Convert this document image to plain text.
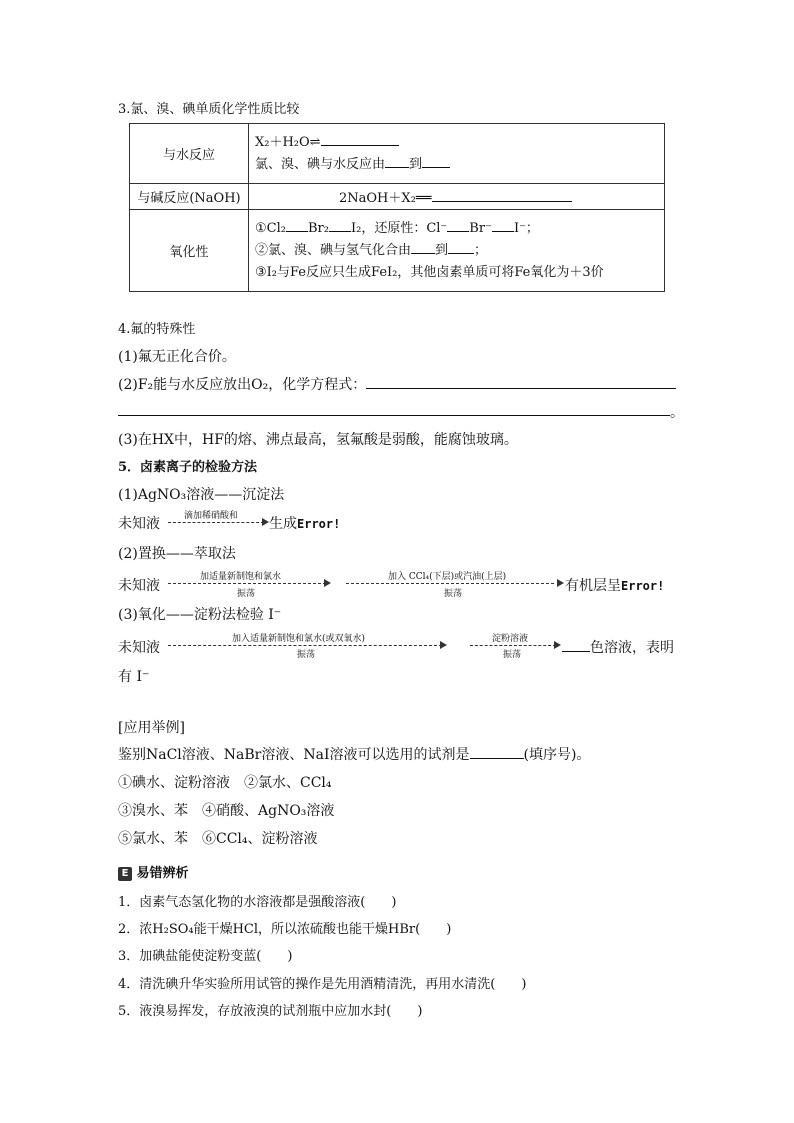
3.氯、溴、碘单质化学性质比较
与水反应	X₂＋H₂O⇌
氯、溴、碘与水反应由 到

与碱反应(NaOH)	2NaOH＋X₂══
氧化性	①Cl₂ Br₂ I₂，还原性：Cl⁻ Br⁻ I⁻；
②氯、溴、碘与氢气化合由 到 ；
③I₂与Fe反应只生成FeI₂，其他卤素单质可将Fe氧化为＋3价
4.氟的特殊性
(1)氟无正化合价。
(2)F₂能与水反应放出O₂，化学方程式：
。
(3)在HX中，HF的熔、沸点最高，氢氟酸是弱酸，能腐蚀玻璃。
5．卤素离子的检验方法
(1)AgNO₃溶液——沉淀法
未知液	滴加稀硝酸和 生成Error!
(2)置换——萃取法
未知液
加适量新制饱和氯水
振荡
加入 CCl₄(下层)或汽油(上层)
振荡	有机层呈Error!
(3)氧化——淀粉法检验 I⁻
未知液
加入适量新制饱和氯水(或双氧水)
振荡
淀粉溶液
振荡	色溶液，表明
有 I⁻
[应用举例]
鉴别NaCl溶液、NaBr溶液、NaI溶液可以选用的试剂是	(填序号)。
①碘水、淀粉溶液　②氯水、CCl₄
③溴水、苯　④硝酸、AgNO₃溶液
⑤氯水、苯　⑥CCl₄、淀粉溶液
E 易错辨析
1．卤素气态氢化物的水溶液都是强酸溶液(　　)
2．浓H₂SO₄能干燥HCl，所以浓硫酸也能干燥HBr(　　)
3．加碘盐能使淀粉变蓝(　　)
4．清洗碘升华实验所用试管的操作是先用酒精清洗，再用水清洗(　　)
5．液溴易挥发，存放液溴的试剂瓶中应加水封(　　)
